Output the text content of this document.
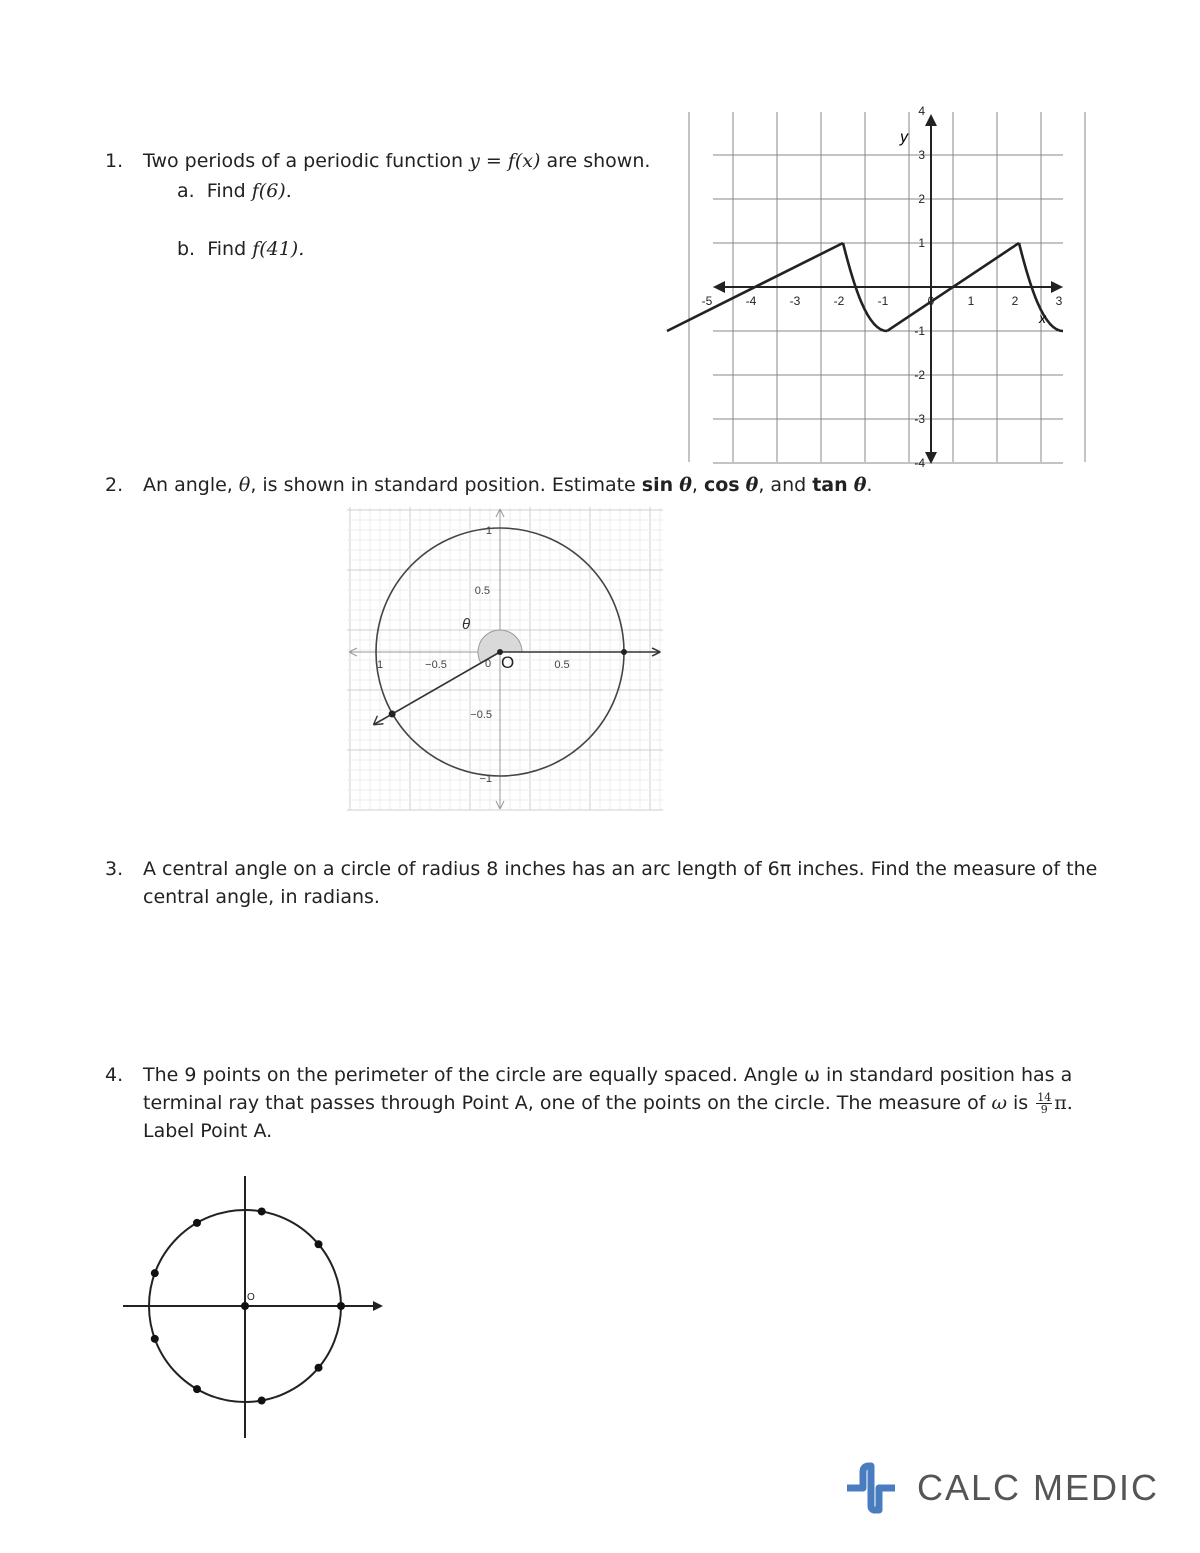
1. Two periods of a periodic function y = f(x) are shown.
a. Find f(6).
b. Find f(41).
-5	-4	-3	-2	-1	0	1	2	3
4
3
2
1
-1
-2
-3
-4
y
x
2. An angle, θ, is shown in standard position. Estimate sin θ, cos θ, and tan θ.
1	−0.5	0.5
1
0.5
−0.5
−1
θ
O
0
3. A central angle on a circle of radius 8 inches has an arc length of 6π inches. Find the measure of the
central angle, in radians.
4. The 9 points on the perimeter of the circle are equally spaced. Angle ω in standard position has a
terminal ray that passes through Point A, one of the points on the circle. The measure of ω is $\frac{14}{9} \pi$.
Label Point A.
O
CALC MEDIC
